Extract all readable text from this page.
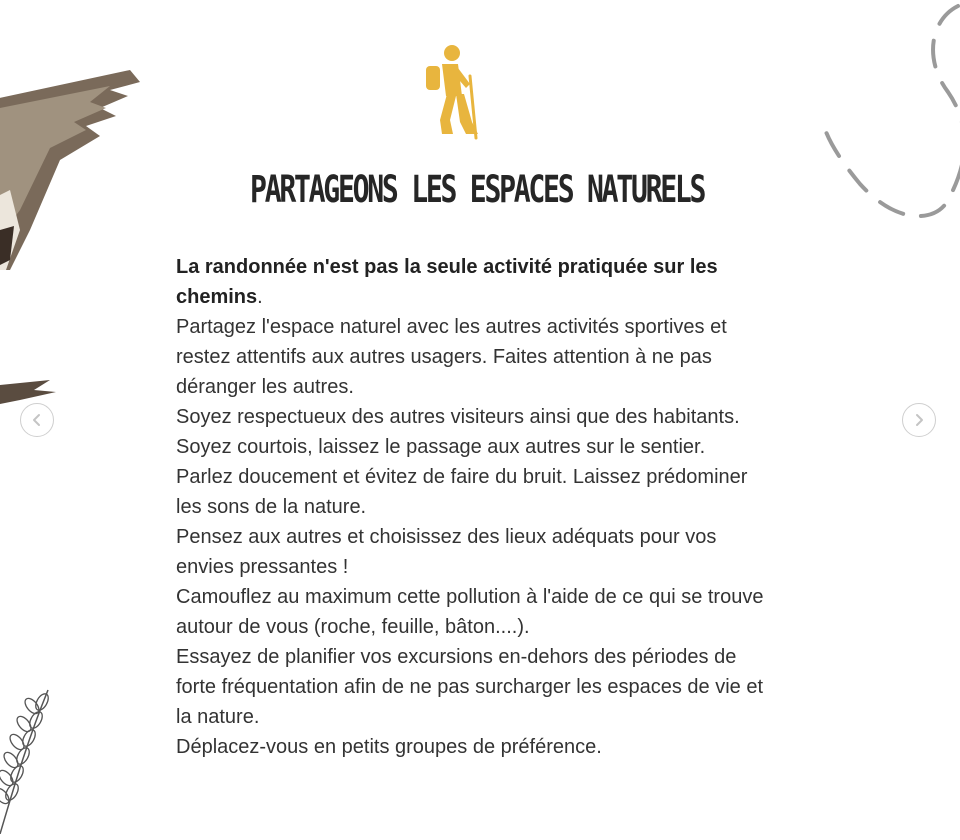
PARTAGEONS LES ESPACES NATURELS

La randonnée n'est pas la seule activité pratiquée sur les chemins.

Partagez l'espace naturel avec les autres activités sportives et restez attentifs aux autres usagers. Faites attention à ne pas déranger les autres.

Soyez respectueux des autres visiteurs ainsi que des habitants. Soyez courtois, laissez le passage aux autres sur le sentier.

Parlez doucement et évitez de faire du bruit. Laissez prédominer les sons de la nature.

Pensez aux autres et choisissez des lieux adéquats pour vos envies pressantes !

Camouflez au maximum cette pollution à l'aide de ce qui se trouve autour de vous (roche, feuille, bâton....).

Essayez de planifier vos excursions en-dehors des périodes de forte fréquentation afin de ne pas surcharger les espaces de vie et la nature.

Déplacez-vous en petits groupes de préférence.
